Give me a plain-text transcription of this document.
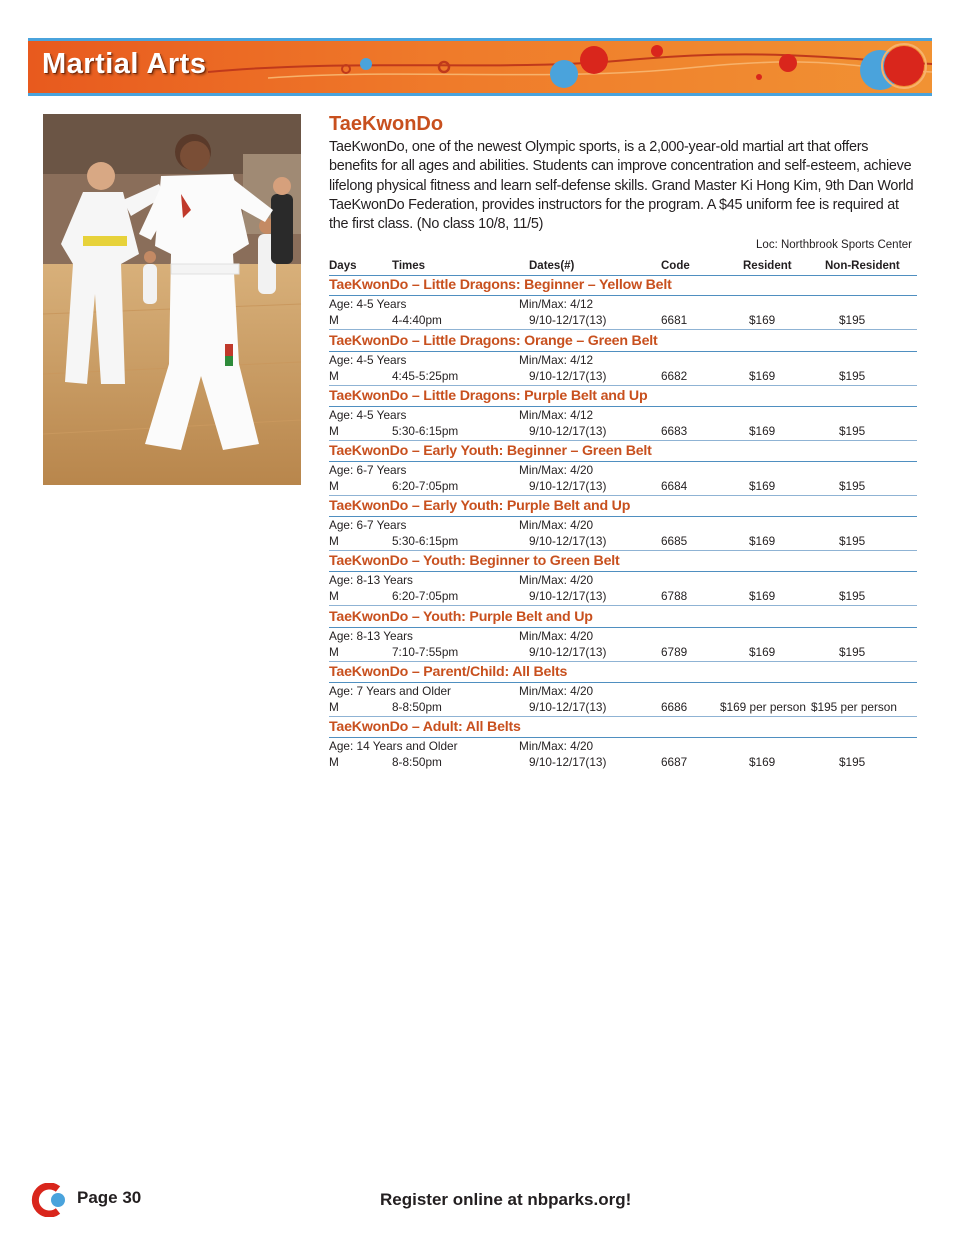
Martial Arts
TaeKwonDo

TaeKwonDo, one of the newest Olympic sports, is a 2,000-year-old martial art that offers benefits for all ages and abilities. Students can improve concentration and self-esteem, achieve lifelong physical fitness and learn self-defense skills. Grand Master Ki Hong Kim, 9th Dan World TaeKwonDo Federation, provides instructors for the program. A $45 uniform fee is required at the first class. (No class 10/8, 11/5)

Loc: Northbrook Sports Center
Days	Times	Dates(#)	Code	Resident	Non-Resident
TaeKwonDo – Little Dragons: Beginner – Yellow Belt
Age: 4-5 Years	Min/Max: 4/12
M	4-4:40pm	9/10-12/17(13)	6681	$169	$195
TaeKwonDo – Little Dragons: Orange – Green Belt
Age: 4-5 Years	Min/Max: 4/12
M	4:45-5:25pm	9/10-12/17(13)	6682	$169	$195
TaeKwonDo – Little Dragons: Purple Belt and Up
Age: 4-5 Years	Min/Max: 4/12
M	5:30-6:15pm	9/10-12/17(13)	6683	$169	$195
TaeKwonDo – Early Youth: Beginner – Green Belt
Age: 6-7 Years	Min/Max: 4/20
M	6:20-7:05pm	9/10-12/17(13)	6684	$169	$195
TaeKwonDo – Early Youth: Purple Belt and Up
Age: 6-7 Years	Min/Max: 4/20
M	5:30-6:15pm	9/10-12/17(13)	6685	$169	$195
TaeKwonDo – Youth: Beginner to Green Belt
Age: 8-13 Years	Min/Max: 4/20
M	6:20-7:05pm	9/10-12/17(13)	6788	$169	$195
TaeKwonDo – Youth: Purple Belt and Up
Age: 8-13 Years	Min/Max: 4/20
M	7:10-7:55pm	9/10-12/17(13)	6789	$169	$195
TaeKwonDo – Parent/Child: All Belts
Age: 7 Years and Older	Min/Max: 4/20
M	8-8:50pm	9/10-12/17(13)	6686	$169 per person $195 per person
TaeKwonDo – Adult: All Belts
Age: 14 Years and Older	Min/Max: 4/20
M	8-8:50pm	9/10-12/17(13)	6687	$169	$195
Page 30	Register online at nbparks.org!
